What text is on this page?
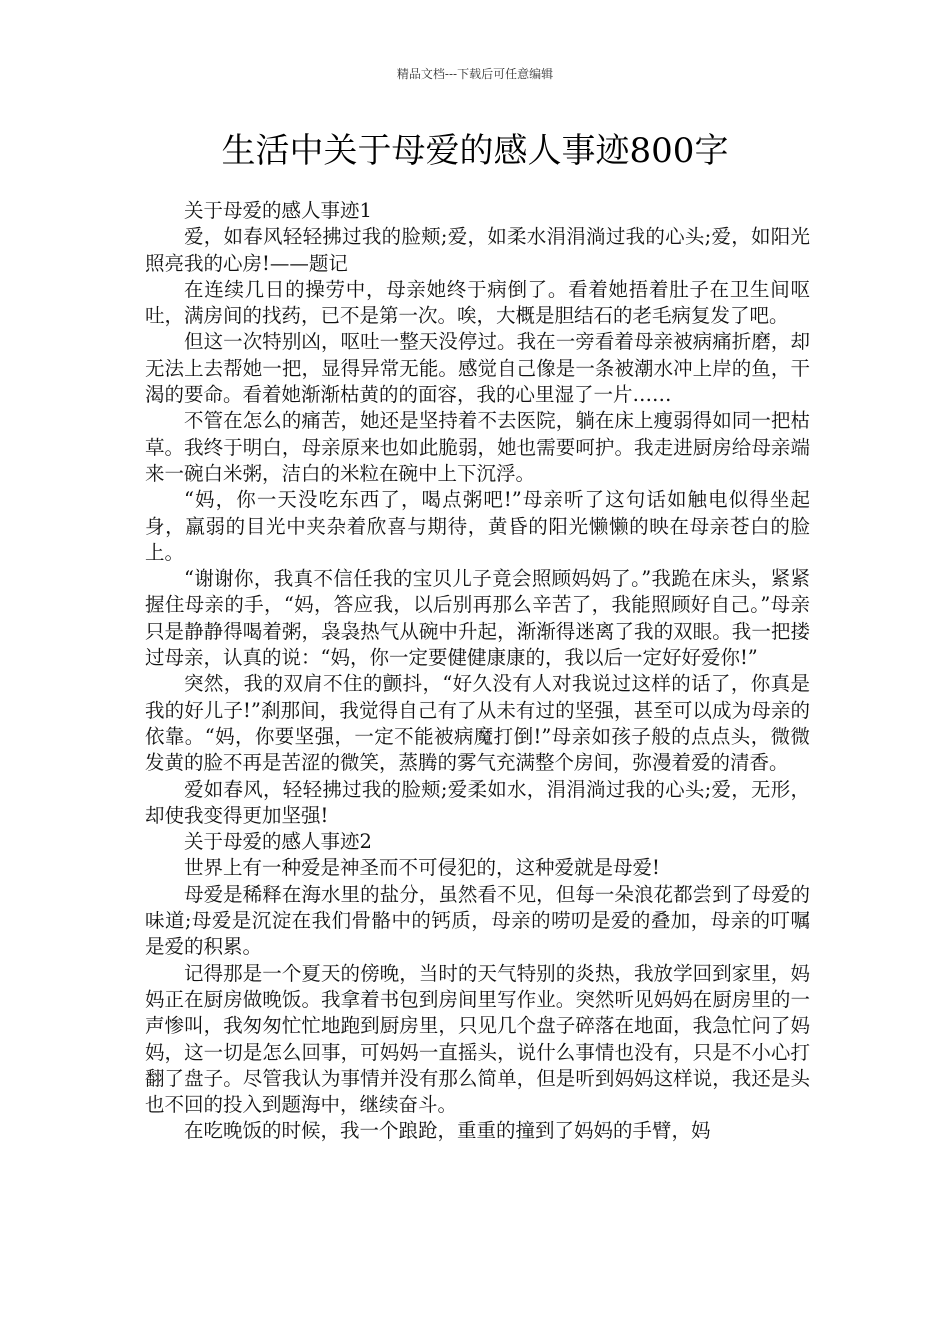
精品文档---下载后可任意编辑
生活中关于母爱的感人事迹800字

关于母爱的感人事迹1

爱，如春风轻轻拂过我的脸颊;爱，如柔水涓涓淌过我的心头;爱，如阳光照亮我的心房!——题记

在连续几日的操劳中，母亲她终于病倒了。看着她捂着肚子在卫生间呕吐，满房间的找药，已不是第一次。唉，大概是胆结石的老毛病复发了吧。

但这一次特别凶，呕吐一整天没停过。我在一旁看着母亲被病痛折磨，却无法上去帮她一把，显得异常无能。感觉自己像是一条被潮水冲上岸的鱼，干渴的要命。看着她渐渐枯黄的的面容，我的心里湿了一片……

不管在怎么的痛苦，她还是坚持着不去医院，躺在床上瘦弱得如同一把枯草。我终于明白，母亲原来也如此脆弱，她也需要呵护。我走进厨房给母亲端来一碗白米粥，洁白的米粒在碗中上下沉浮。

“妈，你一天没吃东西了，喝点粥吧!”母亲听了这句话如触电似得坐起身，羸弱的目光中夹杂着欣喜与期待，黄昏的阳光懒懒的映在母亲苍白的脸上。

“谢谢你，我真不信任我的宝贝儿子竟会照顾妈妈了。”我跪在床头，紧紧握住母亲的手，“妈，答应我，以后别再那么辛苦了，我能照顾好自己。”母亲只是静静得喝着粥，袅袅热气从碗中升起，渐渐得迷离了我的双眼。我一把搂过母亲，认真的说：“妈，你一定要健健康康的，我以后一定好好爱你!”

突然，我的双肩不住的颤抖，“好久没有人对我说过这样的话了，你真是我的好儿子!”刹那间，我觉得自己有了从未有过的坚强，甚至可以成为母亲的依靠。“妈，你要坚强，一定不能被病魔打倒!”母亲如孩子般的点点头，微微发黄的脸不再是苦涩的微笑，蒸腾的雾气充满整个房间，弥漫着爱的清香。

爱如春风，轻轻拂过我的脸颊;爱柔如水，涓涓淌过我的心头;爱，无形，却使我变得更加坚强!

关于母爱的感人事迹2

世界上有一种爱是神圣而不可侵犯的，这种爱就是母爱!

母爱是稀释在海水里的盐分，虽然看不见，但每一朵浪花都尝到了母爱的味道;母爱是沉淀在我们骨骼中的钙质，母亲的唠叨是爱的叠加，母亲的叮嘱是爱的积累。

记得那是一个夏天的傍晚，当时的天气特别的炎热，我放学回到家里，妈妈正在厨房做晚饭。我拿着书包到房间里写作业。突然听见妈妈在厨房里的一声惨叫，我匆匆忙忙地跑到厨房里，只见几个盘子碎落在地面，我急忙问了妈妈，这一切是怎么回事，可妈妈一直摇头，说什么事情也没有，只是不小心打翻了盘子。尽管我认为事情并没有那么简单，但是听到妈妈这样说，我还是头也不回的投入到题海中，继续奋斗。

在吃晚饭的时候，我一个踉跄，重重的撞到了妈妈的手臂，妈
